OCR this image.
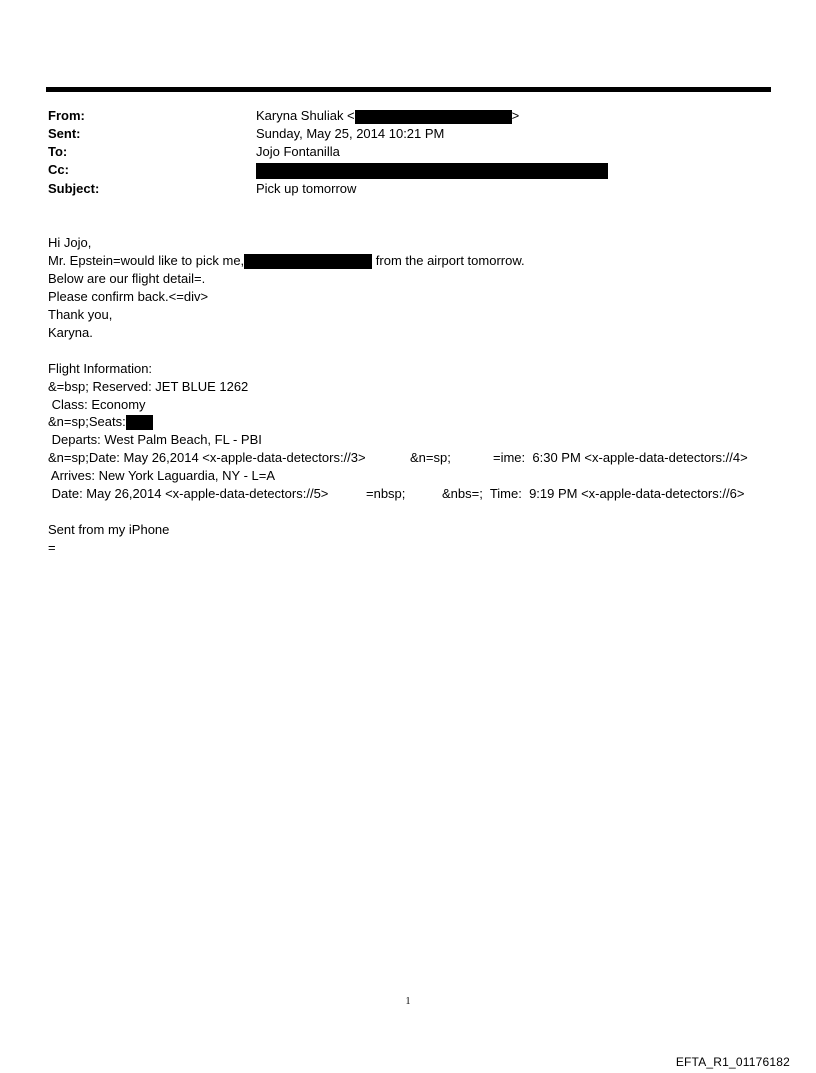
From:	Karyna Shuliak <	>
Sent:	Sunday, May 25, 2014 10:21 PM
To:	Jojo Fontanilla
Cc:
Subject:	Pick up tomorrow
Hi Jojo,
Mr. Epstein=would like to pick me,	from the airport tomorrow.
Below are our flight detail=.
Please confirm back.<=div>
Thank you,
Karyna.
Flight Information:
&=bsp; Reserved: JET BLUE 1262
Class: Economy
&n=sp;Seats:
Departs: West Palm Beach, FL - PBI
&n=sp;Date: May 26,2014 <x-apple-data-detectors://3>	&n=sp;	=ime:  6:30 PM <x-apple-data-detectors://4>
Arrives: New York Laguardia, NY - L=A
Date: May 26,2014 <x-apple-data-detectors://5>	=nbsp;	&nbs=;  Time:  9:19 PM <x-apple-data-detectors://6>
Sent from my iPhone
=
1
EFTA_R1_01176182
